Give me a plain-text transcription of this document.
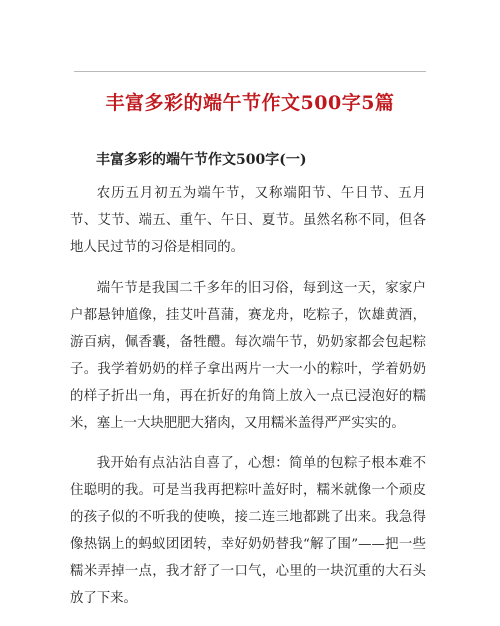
丰富多彩的端午节作文500字5篇
丰富多彩的端午节作文500字(一)

农历五月初五为端午节，又称端阳节、午日节、五月节、艾节、端五、重午、午日、夏节。虽然名称不同，但各地人民过节的习俗是相同的。

端午节是我国二千多年的旧习俗，每到这一天，家家户户都悬钟馗像，挂艾叶菖蒲，赛龙舟，吃粽子，饮雄黄酒，游百病，佩香囊，备牲醴。每次端午节，奶奶家都会包起粽子。我学着奶奶的样子拿出两片一大一小的粽叶，学着奶奶的样子折出一角，再在折好的角筒上放入一点已浸泡好的糯米，塞上一大块肥肥大猪肉，又用糯米盖得严严实实的。

我开始有点沾沾自喜了，心想：简单的包粽子根本难不住聪明的我。可是当我再把粽叶盖好时，糯米就像一个顽皮的孩子似的不听我的使唤，接二连三地都跳了出来。我急得像热锅上的蚂蚁团团转，幸好奶奶替我“解了围”——把一些糯米弄掉一点，我才舒了一口气，心里的一块沉重的大石头放了下来。
